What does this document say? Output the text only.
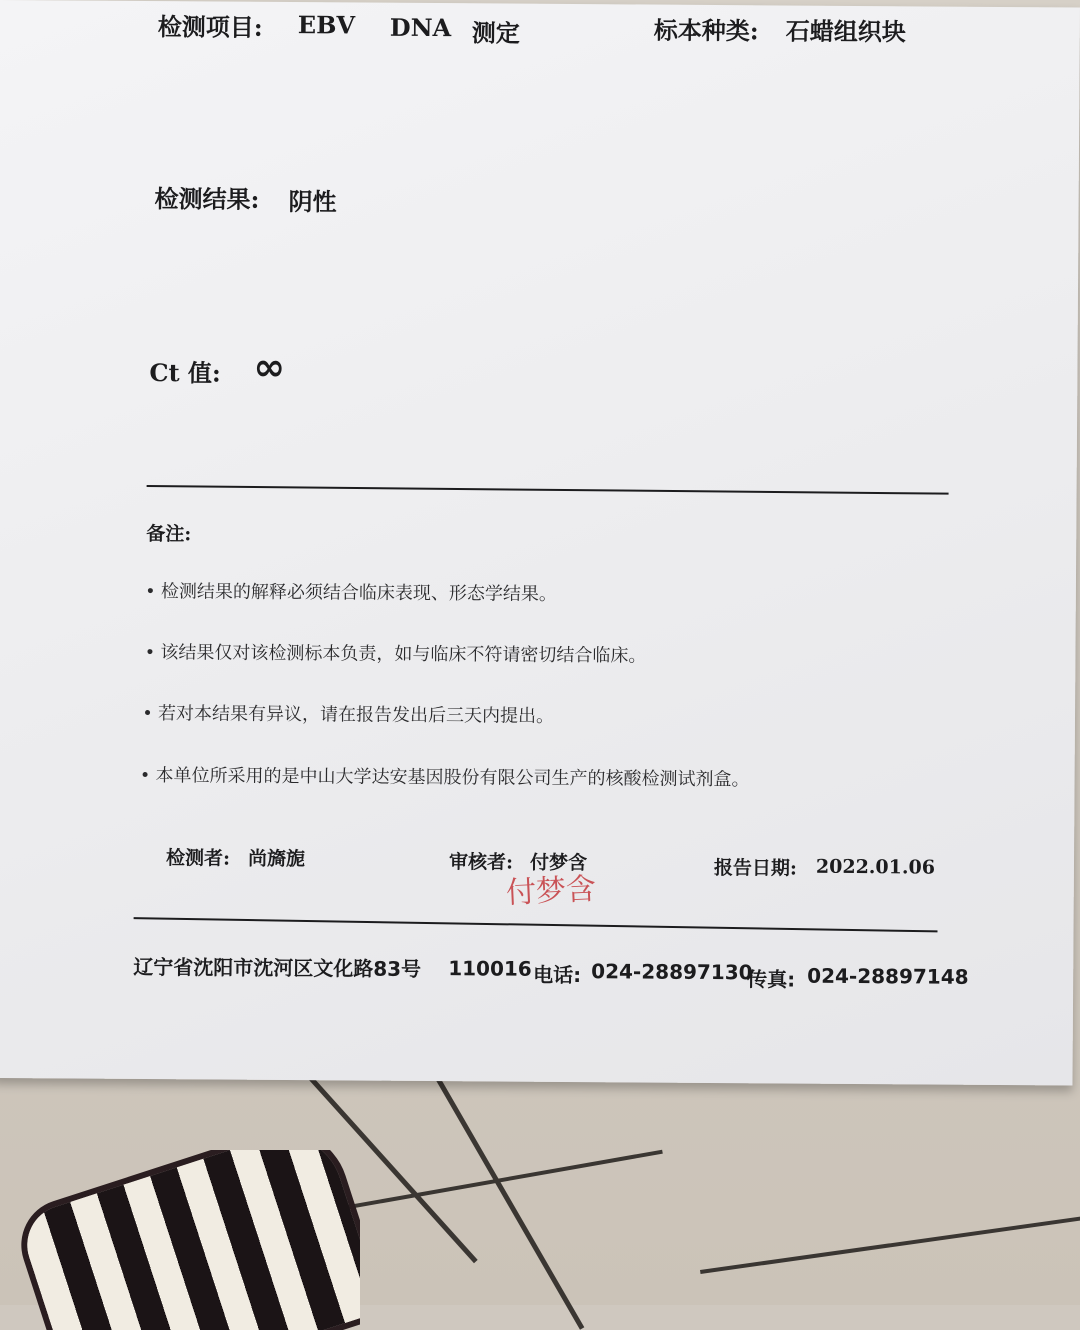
检测项目: EBV DNA 测定	标本种类: 石蜡组织块
检测结果: 阴性
Ct 值: ∞
备注:
检测结果的解释必须结合临床表现、形态学结果。
该结果仅对该检测标本负责，如与临床不符请密切结合临床。
若对本结果有异议，请在报告发出后三天内提出。
本单位所采用的是中山大学达安基因股份有限公司生产的核酸检测试剂盒。
检测者: 尚旖旎	审核者: 付梦含
付梦含
报告日期: 2022.01.06
辽宁省沈阳市沈河区文化路83号 110016 电话: 024-28897130
传真: 024-28897148
